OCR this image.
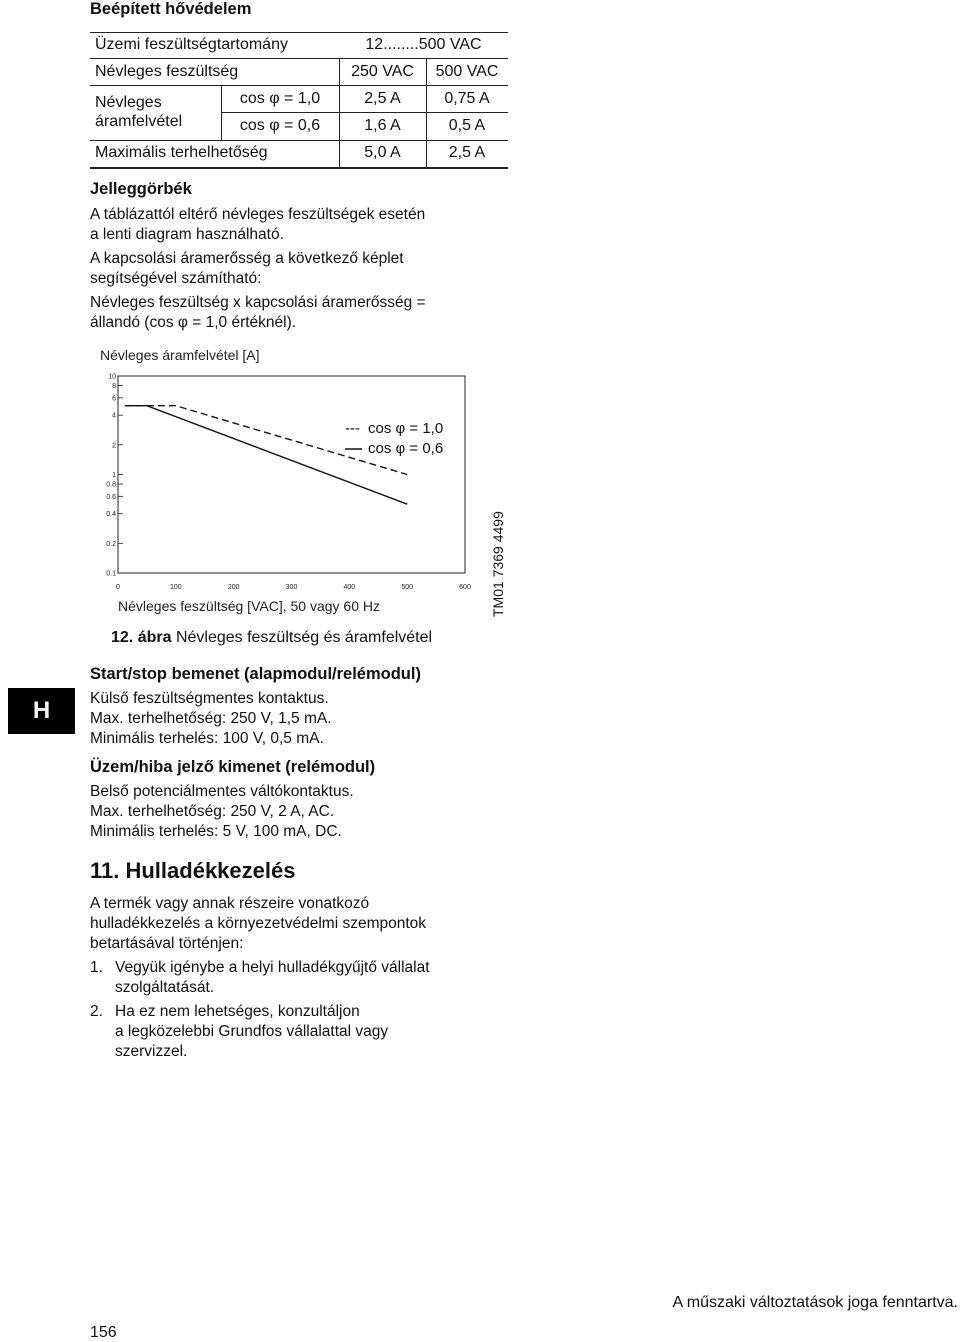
Beépített hővédelem
Üzemi feszültségtartomány	12........500 VAC
Névleges feszültség	250 VAC	500 VAC
Névleges
áramfelvétel
cos φ = 1,0	2,5 A	0,75 A
cos φ = 0,6	1,6 A	0,5 A
Maximális terhelhetőség	5,0 A	2,5 A
Jelleggörbék
A táblázattól eltérő névleges feszültségek esetén
a lenti diagram használható.
A kapcsolási áramerősség a következő képlet
segítségével számítható:
Névleges feszültség x kapcsolási áramerősség =
állandó (cos φ = 1,0 értéknél).
Névleges áramfelvétel [A]
0.1
0.2
0.4
0.6
0.8
1
2
4
6
8
10
0	100	200	300	400	500	600
Névleges feszültség [VAC], 50 vagy 60 Hz
--- cos φ = 1,0
cos φ = 0,6
12. ábra Névleges feszültség és áramfelvétel
TM01 7369 4499
H
Start/stop bemenet (alapmodul/relémodul)
Külső feszültségmentes kontaktus.
Max. terhelhetőség: 250 V, 1,5 mA.
Minimális terhelés: 100 V, 0,5 mA.
Üzem/hiba jelző kimenet (relémodul)
Belső potenciálmentes váltókontaktus.
Max. terhelhetőség: 250 V, 2 A, AC.
Minimális terhelés: 5 V, 100 mA, DC.
11. Hulladékkezelés
A termék vagy annak részeire vonatkozó
hulladékkezelés a környezetvédelmi szempontok
betartásával történjen:
1. Vegyük igénybe a helyi hulladékgyűjtő vállalat
szolgáltatását.
2. Ha ez nem lehetséges, konzultáljon
a legközelebbi Grundfos vállalattal vagy
szervizzel.
A műszaki változtatások joga fenntartva.
156
